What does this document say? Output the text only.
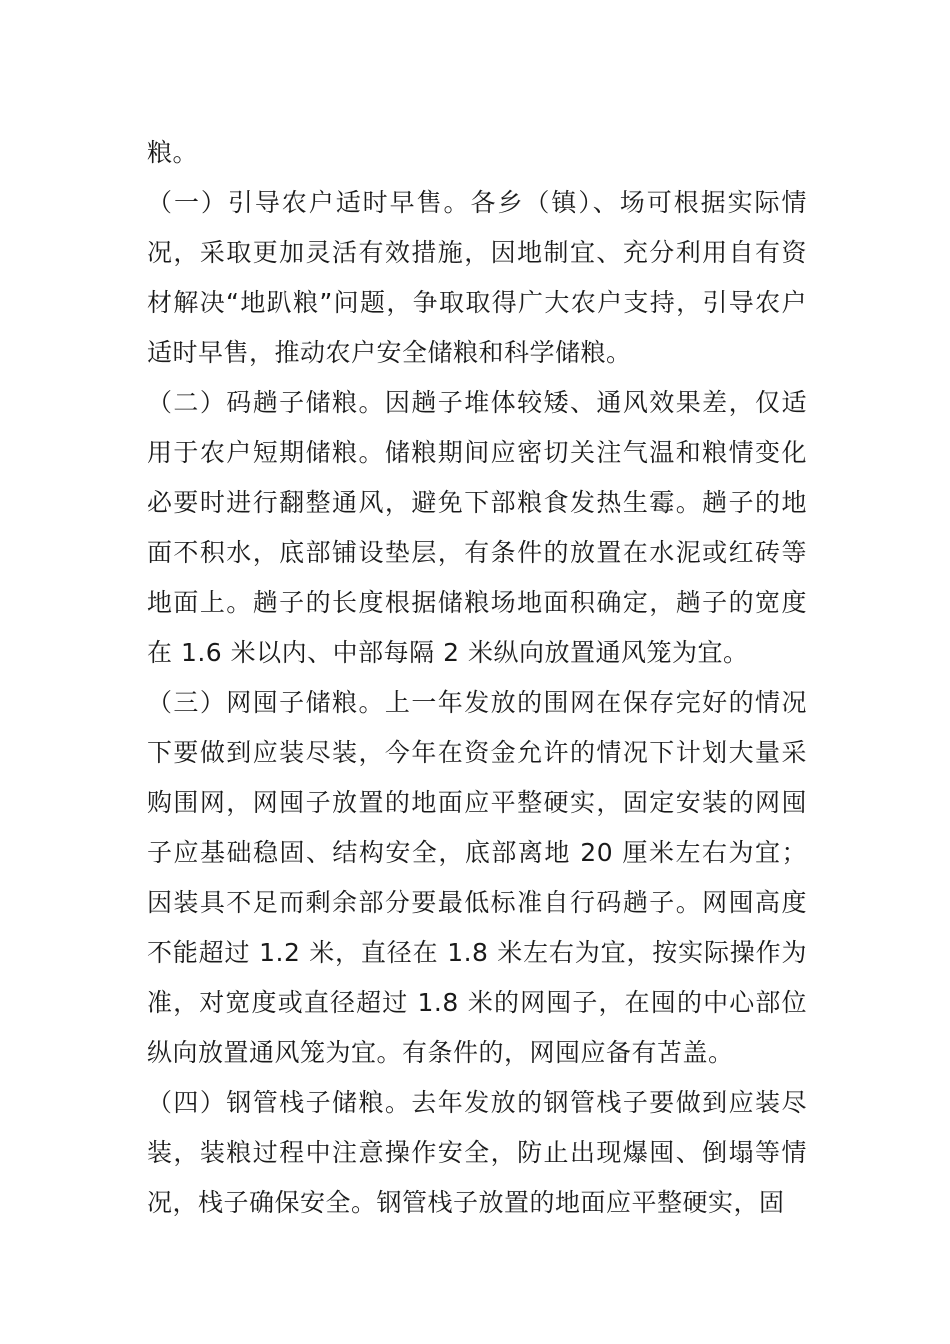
粮。

（一）引导农户适时早售。各乡（镇）、场可根据实际情况，采取更加灵活有效措施，因地制宜、充分利用自有资材解决“地趴粮”问题，争取取得广大农户支持，引导农户适时早售，推动农户安全储粮和科学储粮。

（二）码趟子储粮。因趟子堆体较矮、通风效果差，仅适用于农户短期储粮。储粮期间应密切关注气温和粮情变化必要时进行翻整通风，避免下部粮食发热生霉。趟子的地面不积水，底部铺设垫层，有条件的放置在水泥或红砖等地面上。趟子的长度根据储粮场地面积确定，趟子的宽度在 1.6 米以内、中部每隔 2 米纵向放置通风笼为宜。

（三）网囤子储粮。上一年发放的围网在保存完好的情况下要做到应装尽装，今年在资金允许的情况下计划大量采购围网，网囤子放置的地面应平整硬实，固定安装的网囤子应基础稳固、结构安全，底部离地 20 厘米左右为宜；因装具不足而剩余部分要最低标准自行码趟子。网囤高度不能超过 1.2 米，直径在 1.8 米左右为宜，按实际操作为准，对宽度或直径超过 1.8 米的网囤子，在囤的中心部位纵向放置通风笼为宜。有条件的，网囤应备有苫盖。

（四）钢管栈子储粮。去年发放的钢管栈子要做到应装尽装，装粮过程中注意操作安全，防止出现爆囤、倒塌等情况，栈子确保安全。钢管栈子放置的地面应平整硬实，固
